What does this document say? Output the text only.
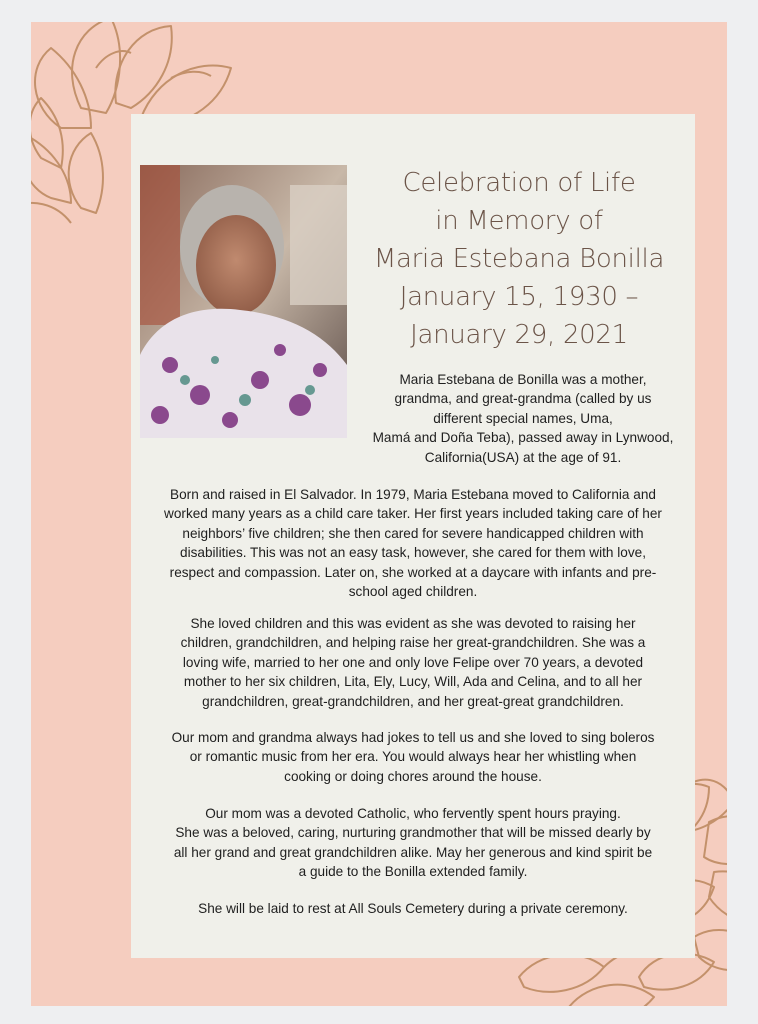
Celebration of Life
in Memory of
Maria Estebana Bonilla
January 15, 1930 –
January 29, 2021
Maria Estebana de Bonilla was a mother,
grandma, and great-grandma (called by us
different special names, Uma,
Mamá and Doña Teba), passed away in Lynwood,
California(USA) at the age of 91.
Born and raised in El Salvador. In 1979, Maria Estebana moved to California and
worked many years as a child care taker. Her first years included taking care of her
neighbors’ five children; she then cared for severe handicapped children with
disabilities. This was not an easy task, however, she cared for them with love,
respect and compassion. Later on, she worked at a daycare with infants and pre-
school aged children.
She loved children and this was evident as she was devoted to raising her
children, grandchildren, and helping raise her great-grandchildren. She was a
loving wife, married to her one and only love Felipe over 70 years, a devoted
mother to her six children, Lita, Ely, Lucy, Will, Ada and Celina, and to all her
grandchildren, great-grandchildren, and her great-great grandchildren.
Our mom and grandma always had jokes to tell us and she loved to sing boleros
or romantic music from her era. You would always hear her whistling when
cooking or doing chores around the house.
Our mom was a devoted Catholic, who fervently spent hours praying.
She was a beloved, caring, nurturing grandmother that will be missed dearly by
all her grand and great grandchildren alike. May her generous and kind spirit be
a guide to the Bonilla extended family.
She will be laid to rest at All Souls Cemetery during a private ceremony.
